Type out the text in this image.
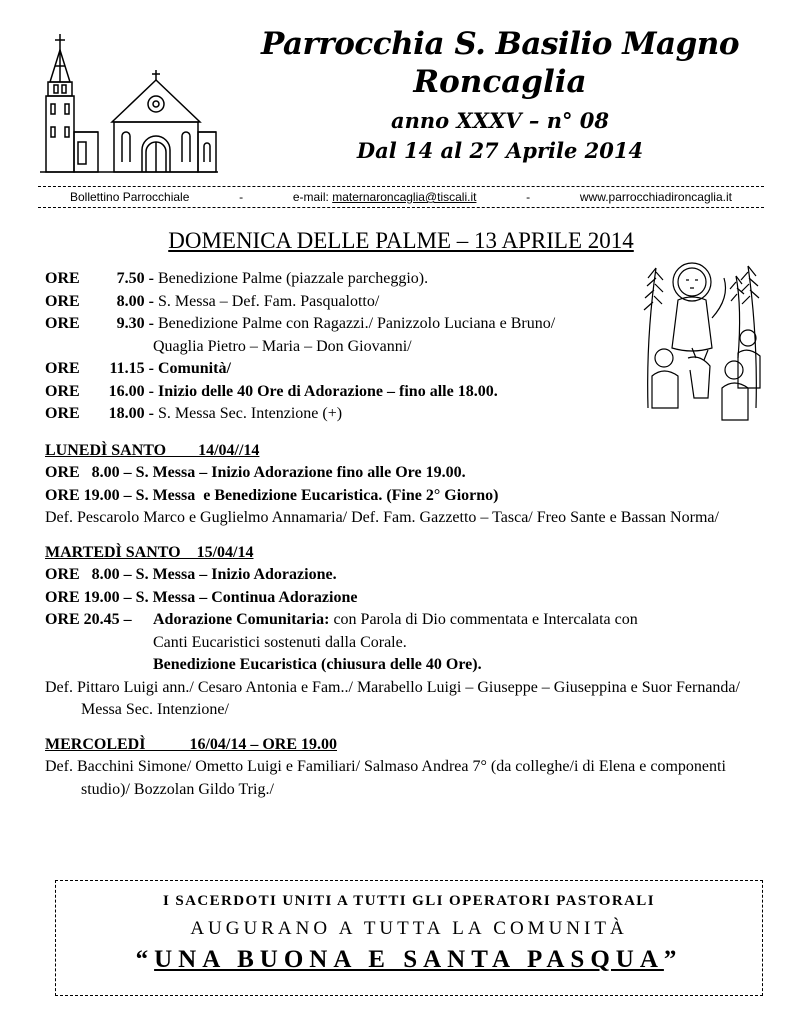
Parrocchia S. Basilio Magno
Roncaglia
anno XXXV – n° 08
Dal 14 al 27 Aprile 2014
Bollettino Parrocchiale	-	e-mail: maternaroncaglia@tiscali.it	-	www.parrocchiadironcaglia.it
DOMENICA DELLE PALME – 13 APRILE 2014
ORE	7.50 - Benedizione Palme (piazzale parcheggio).
ORE	8.00 - S. Messa – Def. Fam. Pasqualotto/
ORE	9.30 - Benedizione Palme con Ragazzi./ Panizzolo Luciana e Bruno/
Quaglia Pietro – Maria – Don Giovanni/
ORE	11.15 - Comunità/
ORE	16.00 - Inizio delle 40 Ore di Adorazione – fino alle 18.00.
ORE	18.00 - S. Messa Sec. Intenzione (+)
LUNEDÌ SANTO        14/04//14
ORE   8.00 – S. Messa – Inizio Adorazione fino alle Ore 19.00.
ORE 19.00 – S. Messa  e Benedizione Eucaristica. (Fine 2° Giorno)
Def. Pescarolo Marco e Guglielmo Annamaria/ Def. Fam. Gazzetto – Tasca/ Freo Sante e Bassan Norma/
MARTEDÌ SANTO    15/04/14
ORE   8.00 – S. Messa – Inizio Adorazione.
ORE 19.00 – S. Messa – Continua Adorazione
ORE 20.45 –	Adorazione Comunitaria:
con Parola di Dio commentata e Intercalata con
Canti Eucaristici sostenuti dalla Corale.
Benedizione Eucaristica (chiusura delle 40 Ore).
Def. Pittaro Luigi ann./ Cesaro Antonia e Fam../ Marabello Luigi – Giuseppe – Giuseppina e Suor Fernanda/ Messa Sec. Intenzione/
MERCOLEDÌ           16/04/14 – ORE 19.00
Def. Bacchini Simone/ Ometto Luigi e Familiari/ Salmaso Andrea 7° (da colleghe/i di Elena e componenti studio)/ Bozzolan Gildo Trig./
I SACERDOTI UNITI A TUTTI GLI OPERATORI PASTORALI
AUGURANO A TUTTA LA COMUNITÀ
“UNA BUONA E SANTA PASQUA”
